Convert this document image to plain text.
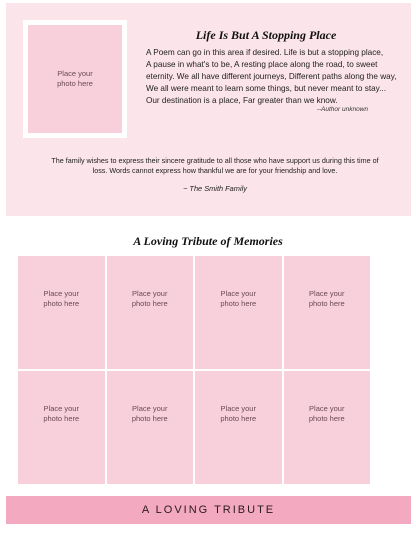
Place your
photo here
Life Is But A Stopping Place
A Poem can go in this area if desired. Life is but a stopping place,
A pause in what's to be, A resting place along the road, to sweet
eternity. We all have different journeys, Different paths along the way,
We all were meant to learn some things, but never meant to stay...
Our destination is a place, Far greater than we know.
--Author unknown
The family wishes to express their sincere gratitude to all those who have support us during this time of
loss. Words cannot express how thankful we are for your friendship and love.
~ The Smith Family
A Loving Tribute of Memories
Place your
photo here
Place your
photo here
Place your
photo here
Place your
photo here
Place your
photo here
Place your
photo here
Place your
photo here
Place your
photo here
A LOVING TRIBUTE
